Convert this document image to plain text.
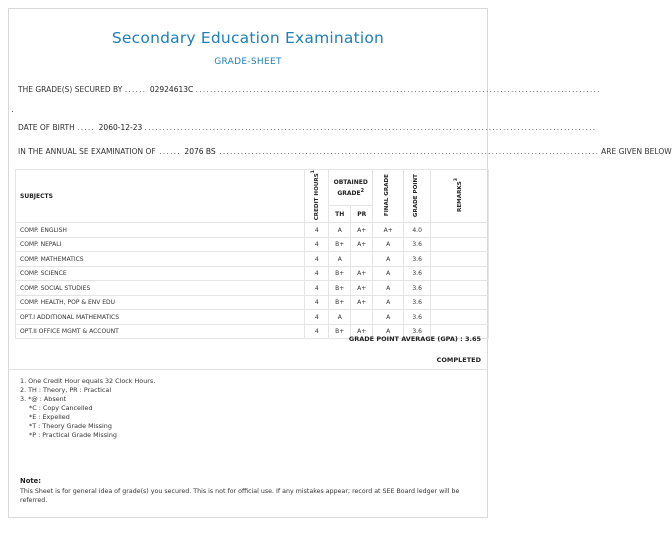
Secondary Education Examination
GRADE-SHEET
THE GRADE(S) SECURED BY ...... 02924613C .................................................................................................................
.
DATE OF BIRTH ..... 2060-12-23 ..............................................................................................................................
IN THE ANNUAL SE EXAMINATION OF ...... 2076 BS .......................................................................................................... ARE GIVEN BELOW
SUBJECTS	CREDIT HOURS$^1$	OBTAINED GRADE$^2$		FINAL GRADE	GRADE POINT	REMARKS$^3$
		TH	PR			
COMP. ENGLISH	4	A	A+	A+	4.0	
COMP. NEPALI	4	B+	A+	A	3.6	
COMP. MATHEMATICS	4	A		A	3.6	
COMP. SCIENCE	4	B+	A+	A	3.6	
COMP. SOCIAL STUDIES	4	B+	A+	A	3.6	
COMP. HEALTH, POP & ENV EDU	4	B+	A+	A	3.6	
OPT.I ADDITIONAL MATHEMATICS	4	A		A	3.6	
OPT.II OFFICE MGMT & ACCOUNT	4	B+	A+	A	3.6	
GRADE POINT AVERAGE (GPA) : 3.65
COMPLETED
1. One Credit Hour equals 32 Clock Hours.
2. TH : Theory, PR : Practical
3. *@ : Absent
*C : Copy Cancelled
*E : Expelled
*T : Theory Grade Missing
*P : Practical Grade Missing
Note:
This Sheet is for general idea of grade(s) you secured. This is not for official use. If any mistakes appear; record at SEE Board ledger will be referred.
